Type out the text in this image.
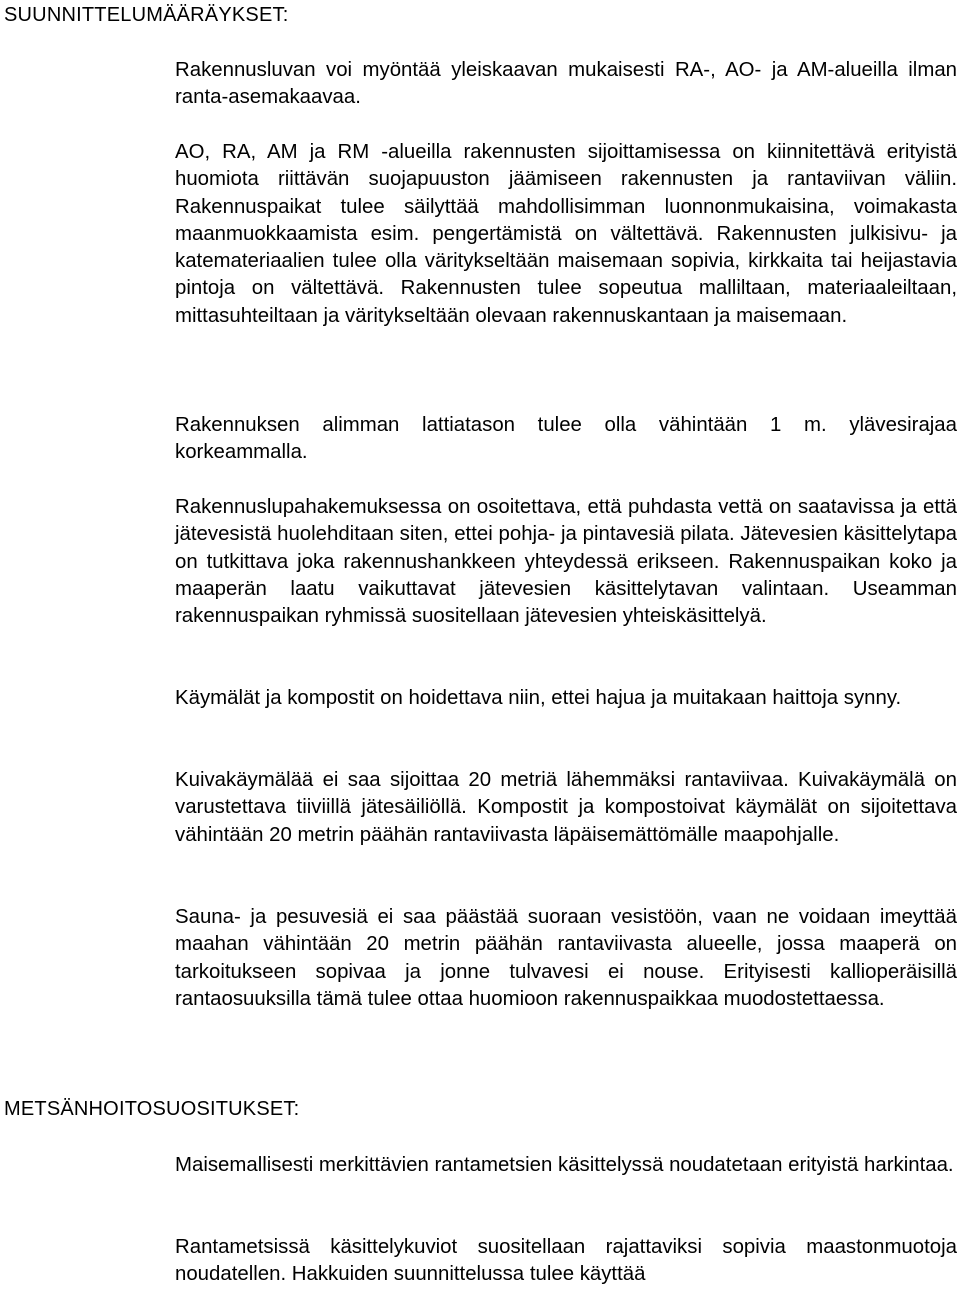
SUUNNITTELUMÄÄRÄYKSET:

Rakennusluvan voi myöntää yleiskaavan mukaisesti RA-, AO- ja AM-alueilla ilman ranta-asemakaavaa.

AO, RA, AM ja RM -alueilla rakennusten sijoittamisessa on kiinnitettävä erityistä huomiota riittävän suojapuuston jäämiseen rakennusten ja rantaviivan väliin. Rakennuspaikat tulee säilyttää mahdollisimman luonnonmukaisina, voimakasta maanmuokkaamista esim. pengertämistä on vältettävä. Rakennusten julkisivu- ja katemateriaalien tulee olla väritykseltään maisemaan sopivia, kirkkaita tai heijastavia pintoja on vältettävä. Rakennusten tulee sopeutua malliltaan, materiaaleiltaan, mittasuhteiltaan ja väritykseltään olevaan rakennuskantaan ja maisemaan.

Rakennuksen alimman lattiatason tulee olla vähintään 1 m. ylävesirajaa korkeammalla.

Rakennuslupahakemuksessa on osoitettava, että puhdasta vettä on saatavissa ja että jätevesistä huolehditaan siten, ettei pohja- ja pintavesiä pilata. Jätevesien käsittelytapa on tutkittava joka rakennushankkeen yhteydessä erikseen. Rakennuspaikan koko ja maaperän laatu vaikuttavat jätevesien käsittelytavan valintaan. Useamman rakennuspaikan ryhmissä suositellaan jätevesien yhteiskäsittelyä.

Käymälät ja kompostit on hoidettava niin, ettei hajua ja muitakaan haittoja synny.

Kuivakäymälää ei saa sijoittaa 20 metriä lähemmäksi rantaviivaa. Kuivakäymälä on varustettava tiiviillä jätesäiliöllä. Kompostit ja kompostoivat käymälät on sijoitettava vähintään 20 metrin päähän rantaviivasta läpäisemättömälle maapohjalle.

Sauna- ja pesuvesiä ei saa päästää suoraan vesistöön, vaan ne voidaan imeyttää maahan vähintään 20 metrin päähän rantaviivasta alueelle, jossa maaperä on tarkoitukseen sopivaa ja jonne tulvavesi ei nouse. Erityisesti kallioperäisillä rantaosuuksilla tämä tulee ottaa huomioon rakennuspaikkaa muodostettaessa.

METSÄNHOITOSUOSITUKSET:

Maisemallisesti merkittävien rantametsien käsittelyssä noudatetaan erityistä harkintaa.

Rantametsissä käsittelykuviot suositellaan rajattaviksi sopivia maastonmuotoja noudatellen. Hakkuiden suunnittelussa tulee käyttää
